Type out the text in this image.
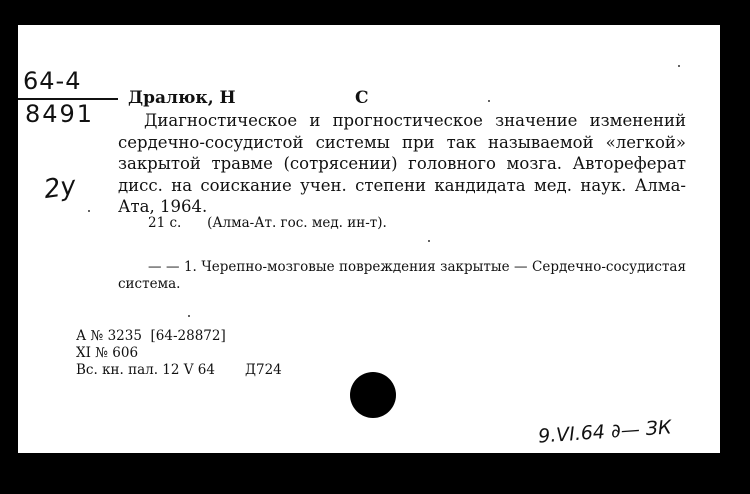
64-4
8491
2у
Дралюк, Н	С
Диагностическое и прогностическое значение изменений сердечно-сосудистой системы при так называемой «легкой» закрытой травме (сотрясении) головного мозга. Автореферат дисс. на соискание учен. степени кандидата мед. наук. Алма-Ата, 1964.
21 с.      (Алма-Ат. гос. мед. ин-т).
— — 1. Черепно-мозговые повреждения закрытые — Сердечно-сосудистая система.
А № 3235  [64-28872]
XI № 606
Вс. кн. пал. 12 V 64       Д724
9.VI.64 ∂— ЗК
